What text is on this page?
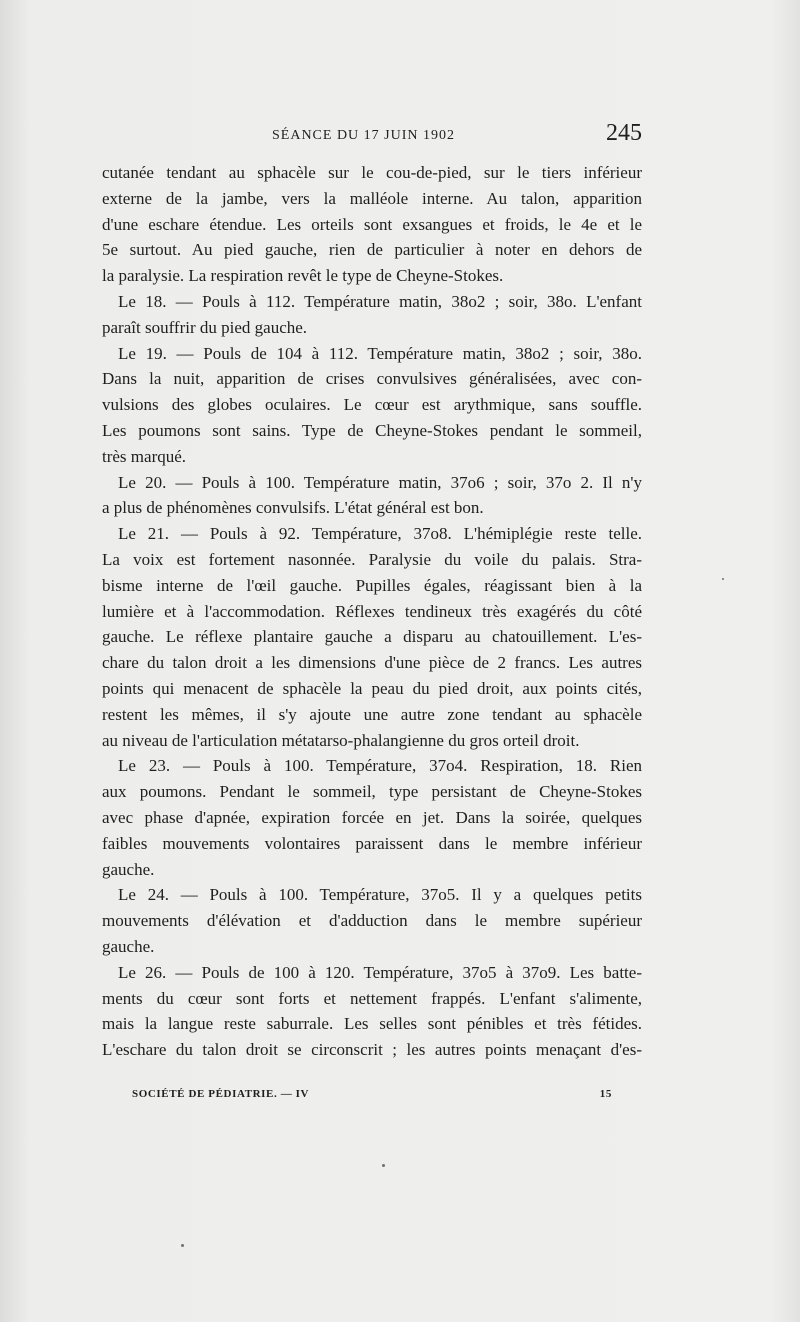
SÉANCE DU 17 JUIN 1902	245
cutanée tendant au sphacèle sur le cou-de-pied, sur le tiers inférieur
externe de la jambe, vers la malléole interne. Au talon, apparition
d'une eschare étendue. Les orteils sont exsangues et froids, le 4e et le
5e surtout. Au pied gauche, rien de particulier à noter en dehors de
la paralysie. La respiration revêt le type de Cheyne-Stokes.
Le 18. — Pouls à 112. Température matin, 38o2 ; soir, 38o. L'enfant
paraît souffrir du pied gauche.
Le 19. — Pouls de 104 à 112. Température matin, 38o2 ; soir, 38o.
Dans la nuit, apparition de crises convulsives généralisées, avec con-
vulsions des globes oculaires. Le cœur est arythmique, sans souffle.
Les poumons sont sains. Type de Cheyne-Stokes pendant le sommeil,
très marqué.
Le 20. — Pouls à 100. Température matin, 37o6 ; soir, 37o 2. Il n'y
a plus de phénomènes convulsifs. L'état général est bon.
Le 21. — Pouls à 92. Température, 37o8. L'hémiplégie reste telle.
La voix est fortement nasonnée. Paralysie du voile du palais. Stra-
bisme interne de l'œil gauche. Pupilles égales, réagissant bien à la
lumière et à l'accommodation. Réflexes tendineux très exagérés du côté
gauche. Le réflexe plantaire gauche a disparu au chatouillement. L'es-
chare du talon droit a les dimensions d'une pièce de 2 francs. Les autres
points qui menacent de sphacèle la peau du pied droit, aux points cités,
restent les mêmes, il s'y ajoute une autre zone tendant au sphacèle
au niveau de l'articulation métatarso-phalangienne du gros orteil droit.
Le 23. — Pouls à 100. Température, 37o4. Respiration, 18. Rien
aux poumons. Pendant le sommeil, type persistant de Cheyne-Stokes
avec phase d'apnée, expiration forcée en jet. Dans la soirée, quelques
faibles mouvements volontaires paraissent dans le membre inférieur
gauche.
Le 24. — Pouls à 100. Température, 37o5. Il y a quelques petits
mouvements d'élévation et d'adduction dans le membre supérieur
gauche.
Le 26. — Pouls de 100 à 120. Température, 37o5 à 37o9. Les batte-
ments du cœur sont forts et nettement frappés. L'enfant s'alimente,
mais la langue reste saburrale. Les selles sont pénibles et très fétides.
L'eschare du talon droit se circonscrit ; les autres points menaçant d'es-
SOCIÉTÉ DE PÉDIATRIE. — IV	15
